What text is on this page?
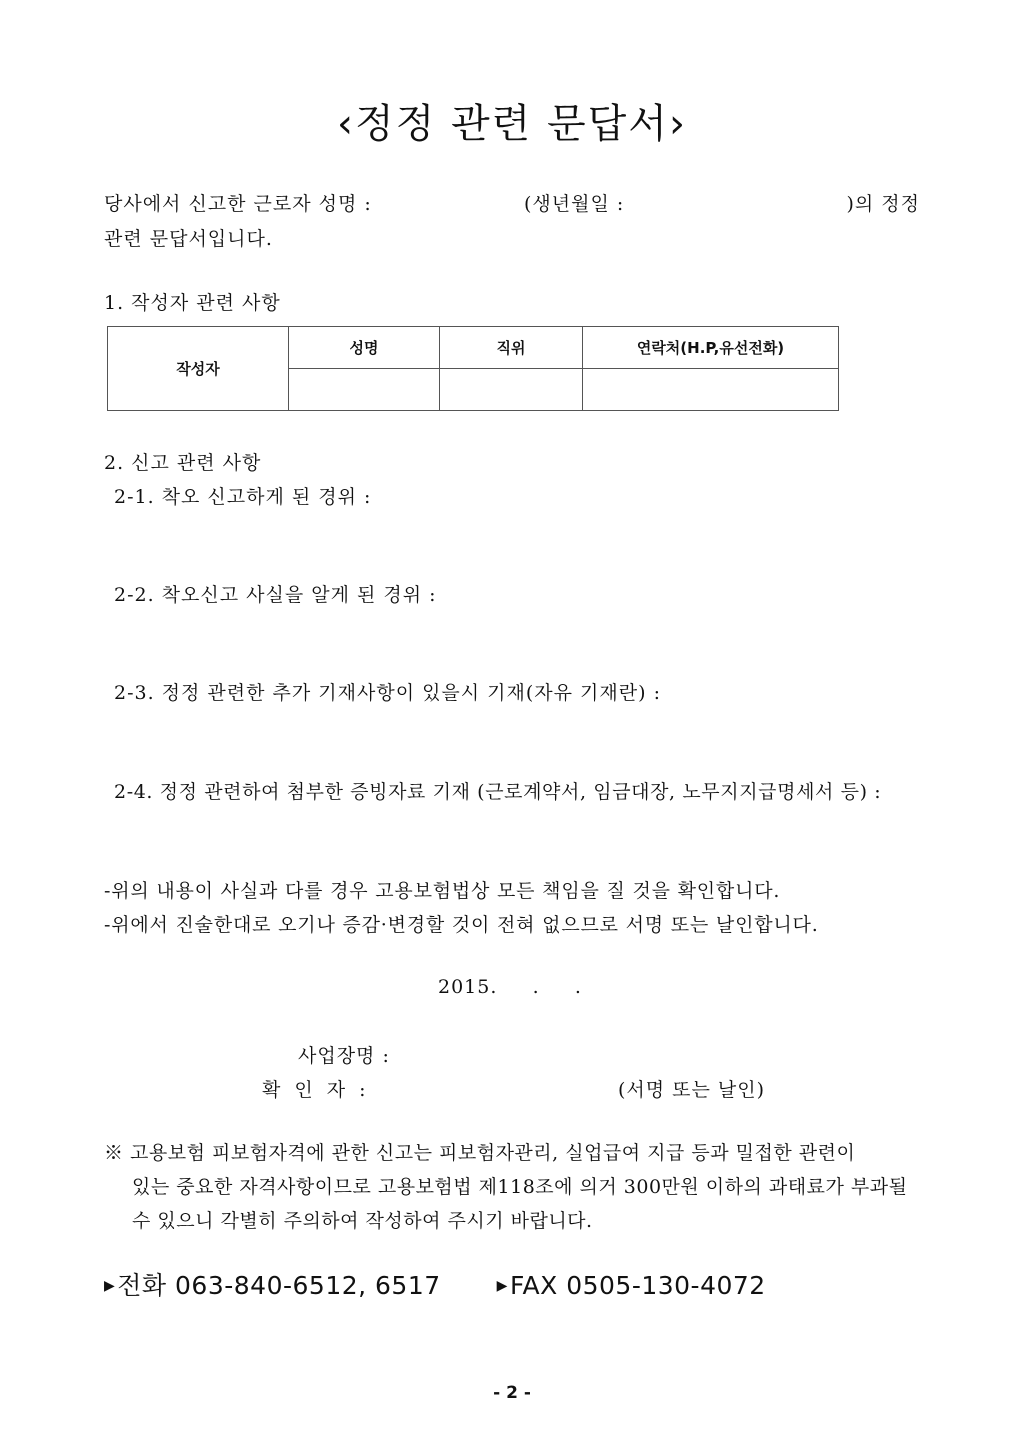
‹정정 관련 문답서›
당사에서 신고한 근로자 성명 :	(생년월일 :	)의 정정
관련 문답서입니다.
1. 작성자 관련 사항
작성자	성명	직위	연락처(H.P,유선전화)

2. 신고 관련 사항
2-1. 착오 신고하게 된 경위 :
2-2. 착오신고 사실을 알게 된 경위 :
2-3. 정정 관련한 추가 기재사항이 있을시 기재(자유 기재란) :
2-4. 정정 관련하여 첨부한 증빙자료 기재 (근로계약서, 임금대장, 노무지지급명세서 등) :
-위의 내용이 사실과 다를 경우 고용보험법상 모든 책임을 질 것을 확인합니다.
-위에서 진술한대로 오기나 증감·변경할 것이 전혀 없으므로 서명 또는 날인합니다.
2015.     .     .
사업장명 :
확 인 자 :	(서명 또는 날인)
※ 고용보험 피보험자격에 관한 신고는 피보험자관리, 실업급여 지급 등과 밀접한 관련이
있는 중요한 자격사항이므로 고용보험법 제118조에 의거 300만원 이하의 과태료가 부과될
수 있으니 각별히 주의하여 작성하여 주시기 바랍니다.
▶전화 063-840-6512, 6517	▶FAX 0505-130-4072
- 2 -
